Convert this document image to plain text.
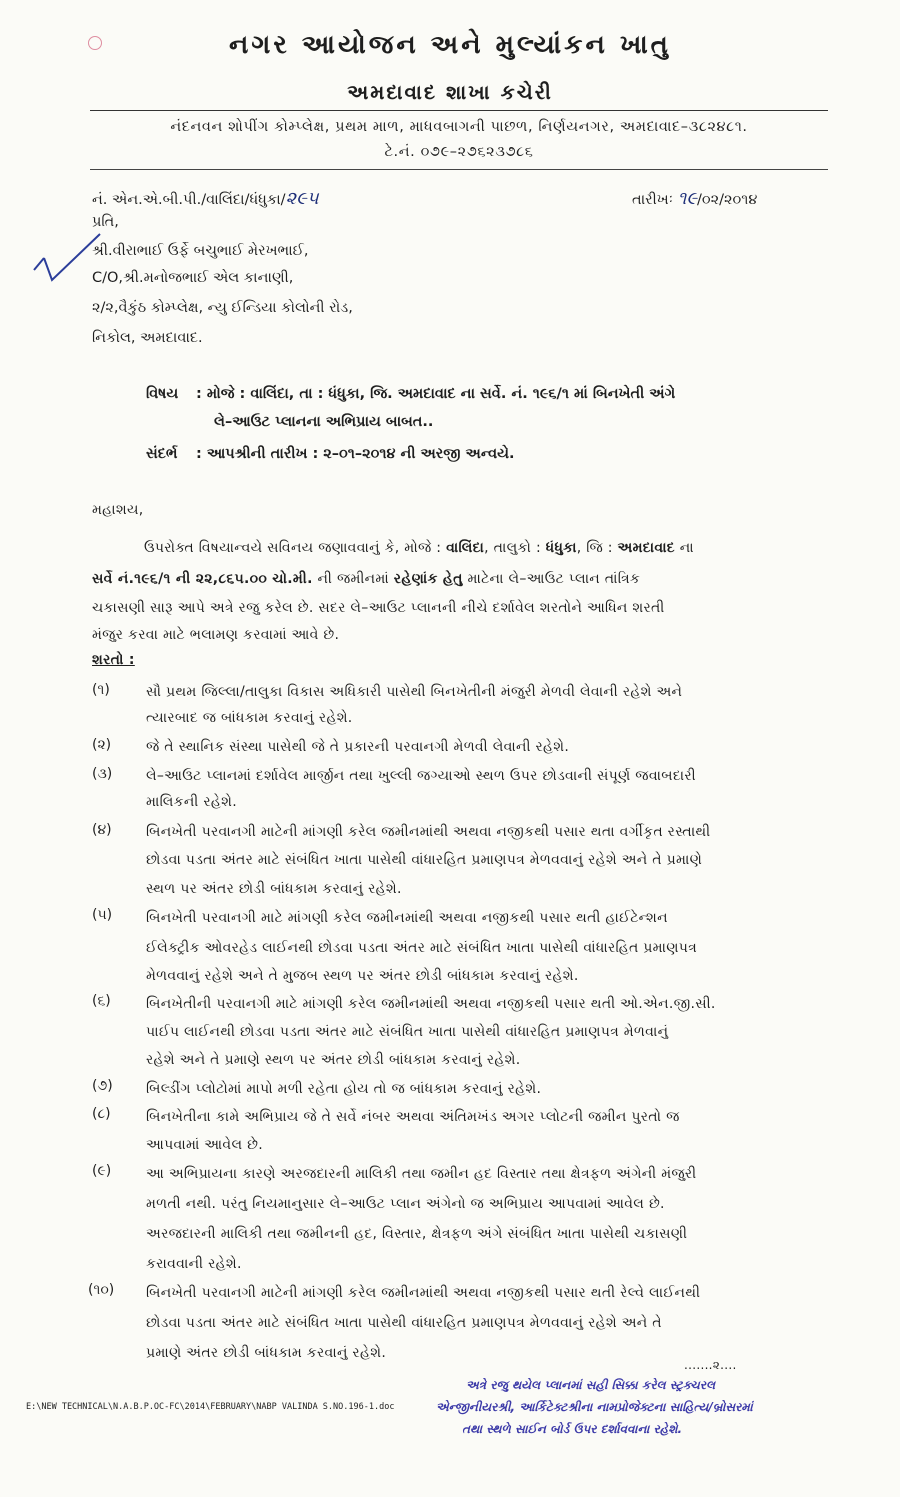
નગર આયોજન અને મુલ્યાંકન ખાતુ
અમદાવાદ શાખા કચેરી
નંદનવન શોપીંગ કોમ્પ્લેક્ષ, પ્રથમ માળ, માધવબાગની પાછળ, નિર્ણયનગર, અમદાવાદ–૩૮૨૪૮૧.
ટે.નં. ૦૭૯–૨૭૬૨૩૭૮૬
નં. એન.એ.બી.પી./વાલિંદા/ધંધુકા/૨૯૫	તારીખઃ ૧૯/૦૨/૨૦૧૪
પ્રતિ,
શ્રી.વીરાભાઈ ઉર્ફે બચુભાઈ મેરખભાઈ,
C/O,શ્રી.મનોજભાઈ એલ કાનાણી,
૨/૨,વૈકુંઠ કોમ્પ્લેક્ષ, ન્યુ ઈન્ડિયા કોલોની રોડ,
નિકોલ, અમદાવાદ.
વિષય : મોજે : વાલિંદા, તા : ધંધુકા, જિ. અમદાવાદ ના સર્વે. નં. ૧૯૬/૧ માં બિનખેતી અંગે
લે–આઉટ પ્લાનના અભિપ્રાય બાબત..
સંદર્ભ : આપશ્રીની તારીખ : ૨–૦૧–૨૦૧૪ ની અરજી અન્વયે.
મહાશય,
ઉપરોક્ત વિષયાન્વયે સવિનય જણાવવાનું કે, મોજે : વાલિંદા, તાલુકો : ધંધુકા, જિ : અમદાવાદ ના
સર્વે નં.૧૯૬/૧ ની ૨૨,૮૬૫.૦૦ ચો.મી. ની જમીનમાં રહેણાંક હેતુ માટેના લે–આઉટ પ્લાન તાંત્રિક
ચકાસણી સારૂ આપે અત્રે રજુ કરેલ છે. સદર લે–આઉટ પ્લાનની નીચે દર્શાવેલ શરતોને આધિન શરતી
મંજુર કરવા માટે ભલામણ કરવામાં આવે છે.
શરતો :
(૧)	સૌ પ્રથમ જિલ્લા/તાલુકા વિકાસ અધિકારી પાસેથી બિનખેતીની મંજુરી મેળવી લેવાની રહેશે અને
ત્યારબાદ જ બાંધકામ કરવાનું રહેશે.
(૨) જે તે સ્થાનિક સંસ્થા પાસેથી જે તે પ્રકારની પરવાનગી મેળવી લેવાની રહેશે.
(૩) લે–આઉટ પ્લાનમાં દર્શાવેલ માર્જીન તથા ખુલ્લી જગ્યાઓ સ્થળ ઉપર છોડવાની સંપૂર્ણ જવાબદારી
માલિકની રહેશે.
(૪) બિનખેતી પરવાનગી માટેની માંગણી કરેલ જમીનમાંથી અથવા નજીકથી પસાર થતા વર્ગીકૃત રસ્તાથી
છોડવા પડતા અંતર માટે સંબંધિત ખાતા પાસેથી વાંધારહિત પ્રમાણપત્ર મેળવવાનું રહેશે અને તે પ્રમાણે
સ્થળ પર અંતર છોડી બાંધકામ કરવાનું રહેશે.
(૫) બિનખેતી પરવાનગી માટે માંગણી કરેલ જમીનમાંથી અથવા નજીકથી પસાર થતી હાઈટેન્શન
ઈલેક્ટ્રીક ઓવરહેડ લાઈનથી છોડવા પડતા અંતર માટે સંબંધિત ખાતા પાસેથી વાંધારહિત પ્રમાણપત્ર
મેળવવાનું રહેશે અને તે મુજબ સ્થળ પર અંતર છોડી બાંધકામ કરવાનું રહેશે.
(૬)	બિનખેતીની પરવાનગી માટે માંગણી કરેલ જમીનમાંથી અથવા નજીકથી પસાર થતી ઓ.એન.જી.સી.
પાઈપ લાઈનથી છોડવા પડતા અંતર માટે સંબંધિત ખાતા પાસેથી વાંધારહિત પ્રમાણપત્ર મેળવાનું
રહેશે અને તે પ્રમાણે સ્થળ પર અંતર છોડી બાંધકામ કરવાનું રહેશે.
(૭) બિલ્ડીંગ પ્લોટોમાં માપો મળી રહેતા હોય તો જ બાંધકામ કરવાનું રહેશે.
(૮)	બિનખેતીના કામે અભિપ્રાય જે તે સર્વે નંબર અથવા અંતિમખંડ અગર પ્લોટની જમીન પુરતો જ
આપવામાં આવેલ છે.
(૯) આ અભિપ્રાયના કારણે અરજદારની માલિકી તથા જમીન હદ વિસ્તાર તથા ક્ષેત્રફળ અંગેની મંજુરી
મળતી નથી. પરંતુ નિયમાનુસાર લે–આઉટ પ્લાન અંગેનો જ અભિપ્રાય આપવામાં આવેલ છે.
અરજદારની માલિકી તથા જમીનની હદ, વિસ્તાર, ક્ષેત્રફળ અંગે સંબંધિત ખાતા પાસેથી ચકાસણી
કરાવવાની રહેશે.
(૧૦) બિનખેતી પરવાનગી માટેની માંગણી કરેલ જમીનમાંથી અથવા નજીકથી પસાર થતી રેલ્વે લાઈનથી
છોડવા પડતા અંતર માટે સંબંધિત ખાતા પાસેથી વાંધારહિત પ્રમાણપત્ર મેળવવાનું રહેશે અને તે
પ્રમાણે અંતર છોડી બાંધકામ કરવાનું રહેશે.
.......૨....
અત્રે રજુ થયેલ પ્લાનમાં સહી સિક્કા કરેલ સ્ટ્રક્ચરલ
એન્જીનીયરશ્રી, આર્કિટેક્ટશ્રીના નામપ્રોજેક્ટના સાહિત્ય/બ્રોસરમાં
તથા સ્થળે સાઈન બોર્ડ ઉપર દર્શાવવાના રહેશે.
E:\NEW TECHNICAL\N.A.B.P.OC-FC\2014\FEBRUARY\NABP VALINDA S.NO.196-1.doc
